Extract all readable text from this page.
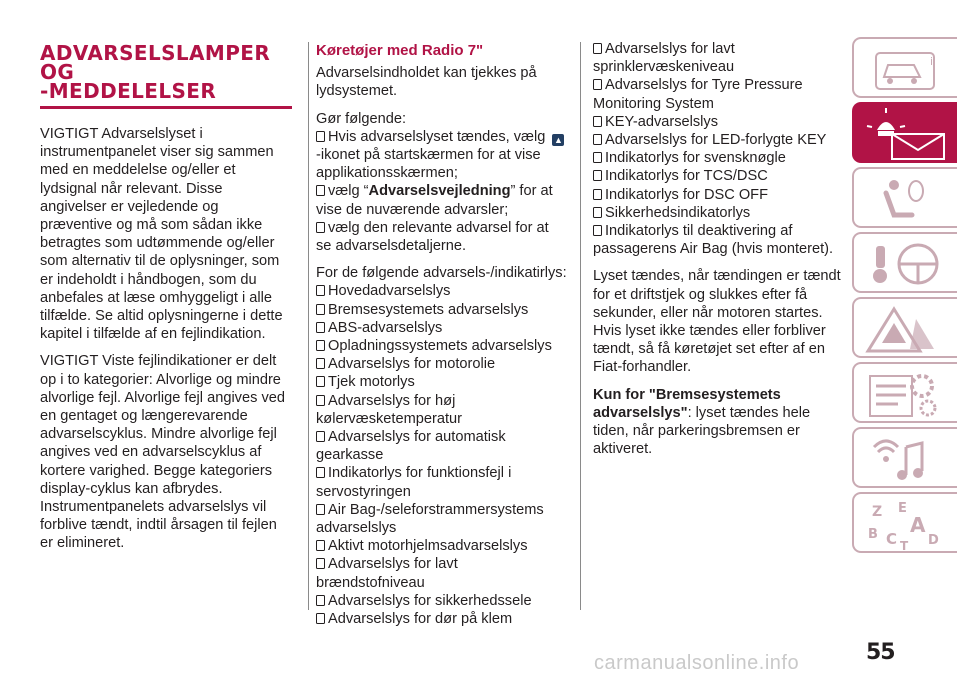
ADVARSELSLAMPER
OG
-MEDDELELSER

VIGTIGT Advarselslyset i instrumentpanelet viser sig sammen med en meddelelse og/eller et lydsignal når relevant. Disse angivelser er vejledende og præventive og må som sådan ikke betragtes som udtømmende og/eller som alternativ til de oplysninger, som er indeholdt i håndbogen, som du anbefales at læse omhyggeligt i alle tilfælde. Se altid oplysningerne i dette kapitel i tilfælde af en fejlindikation.

VIGTIGT Viste fejlindikationer er delt op i to kategorier: Alvorlige og mindre alvorlige fejl. Alvorlige fejl angives ved en gentaget og længerevarende advarselscyklus. Mindre alvorlige fejl angives ved en advarselscyklus af kortere varighed. Begge kategoriers display-cyklus kan afbrydes. Instrumentpanelets advarselslys vil forblive tændt, indtil årsagen til fejlen er elimineret.

Køretøjer med Radio 7"

Advarselsindholdet kan tjekkes på lydsystemet.

Gør følgende:
Hvis advarselslyset tændes, vælg ▲-ikonet på startskærmen for at vise applikationsskærmen;
vælg “Advarselsvejledning” for at vise de nuværende advarsler;
vælg den relevante advarsel for at se advarselsdetaljerne.
For de følgende advarsels-/indikatirlys:
Hovedadvarselslys
Bremsesystemets advarselslys
ABS-advarselslys
Opladningssystemets advarselslys
Advarselslys for motorolie
Tjek motorlys
Advarselslys for høj kølervæsketemperatur
Advarselslys for automatisk gearkasse
Indikatorlys for funktionsfejl i servostyringen
Air Bag-/seleforstrammersystems advarselslys
Aktivt motorhjelmsadvarselslys
Advarselslys for lavt brændstofniveau
Advarselslys for sikkerhedsselе
Advarselslys for dør på klem
Advarselslys for lavt sprinklervæskeniveau
Advarselslys for Tyre Pressure Monitoring System
KEY-advarselslys
Advarselslys for LED-forlygte KEY
Indikatorlys for svensknøgle
Indikatorlys for TCS/DSC
Indikatorlys for DSC OFF
Sikkerhedsindikatorlys
Indikatorlys til deaktivering af passagerens Air Bag (hvis monteret).

Lyset tændes, når tændingen er tændt for et driftstjek og slukkes efter få sekunder, eller når motoren startes. Hvis lyset ikke tændes eller forbliver tændt, så få køretøjet set efter af en Fiat-forhandler.

Kun for "Bremsesystemets advarselslys": lyset tændes hele tiden, når parkeringsbremsen er aktiveret.

i
Z E
A
B C T D
55
carmanualsonline.info
